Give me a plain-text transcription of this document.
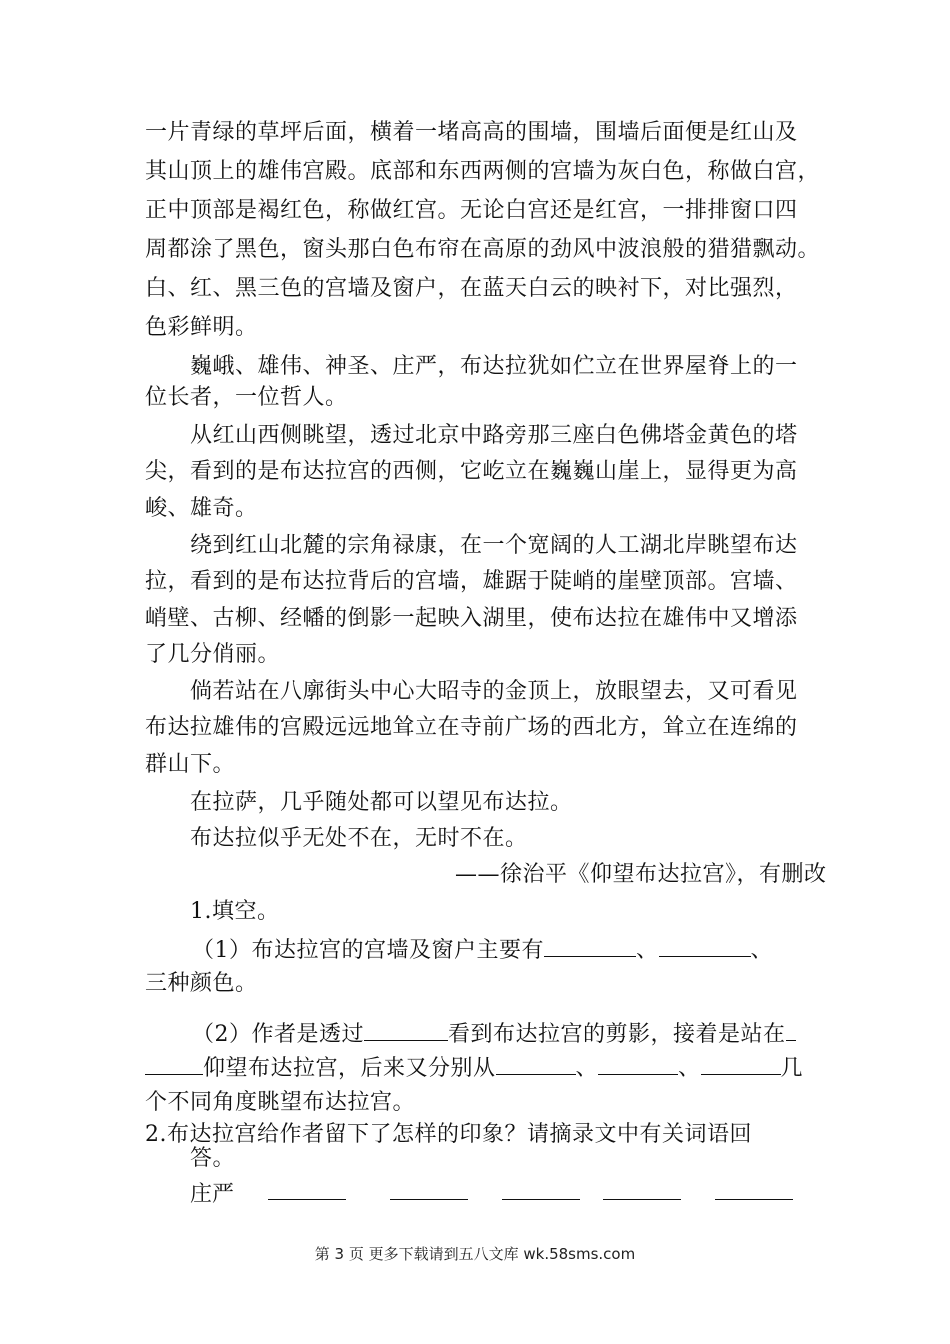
一片青绿的草坪后面，横着一堵高高的围墙，围墙后面便是红山及
其山顶上的雄伟宫殿。底部和东西两侧的宫墙为灰白色，称做白宫，
正中顶部是褐红色，称做红宫。无论白宫还是红宫，一排排窗口四
周都涂了黑色，窗头那白色布帘在高原的劲风中波浪般的猎猎飘动。
白、红、黑三色的宫墙及窗户，在蓝天白云的映衬下，对比强烈，
色彩鲜明。
巍峨、雄伟、神圣、庄严，布达拉犹如伫立在世界屋脊上的一
位长者，一位哲人。
从红山西侧眺望，透过北京中路旁那三座白色佛塔金黄色的塔
尖，看到的是布达拉宫的西侧，它屹立在巍巍山崖上，显得更为高
峻、雄奇。
绕到红山北麓的宗角禄康，在一个宽阔的人工湖北岸眺望布达
拉，看到的是布达拉背后的宫墙，雄踞于陡峭的崖壁顶部。宫墙、
峭壁、古柳、经幡的倒影一起映入湖里，使布达拉在雄伟中又增添
了几分俏丽。
倘若站在八廓街头中心大昭寺的金顶上，放眼望去，又可看见
布达拉雄伟的宫殿远远地耸立在寺前广场的西北方，耸立在连绵的
群山下。
在拉萨，几乎随处都可以望见布达拉。
布达拉似乎无处不在，无时不在。
——徐治平《仰望布达拉宫》，有删改
1.填空。
（1）布达拉宫的宫墙及窗户主要有	、	、
三种颜色。
（2）作者是透过	看到布达拉宫的剪影，接着是站在
仰望布达拉宫，后来又分别从	、	、	几
个不同角度眺望布达拉宫。
2.布达拉宫给作者留下了怎样的印象？请摘录文中有关词语回
答。
庄严
第 3 页 更多下载请到五八文库 wk.58sms.com
